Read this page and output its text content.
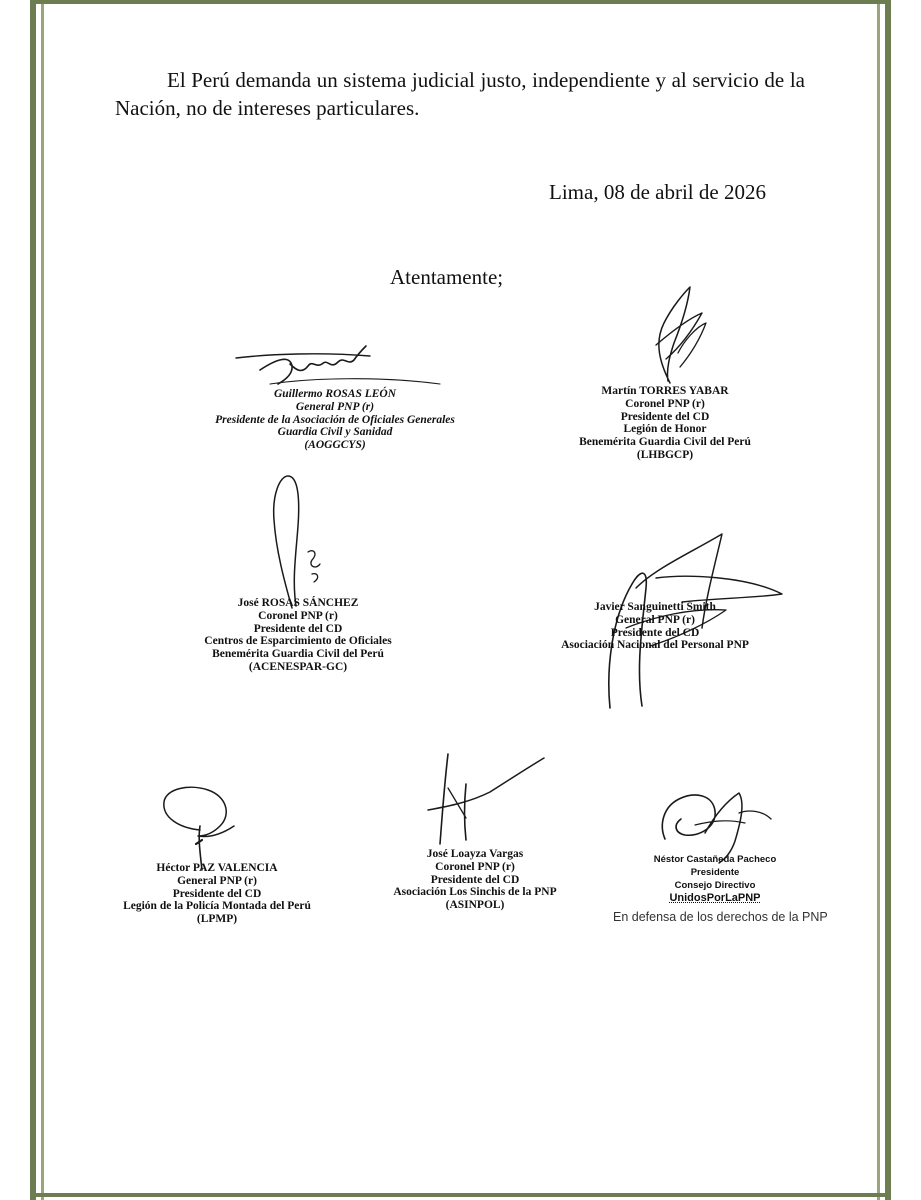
El Perú demanda un sistema judicial justo, independiente y al servicio de la Nación, no de intereses particulares.
Lima, 08 de abril de 2026
Atentamente;
Guillermo ROSAS LEÓN
General PNP (r)
Presidente de la Asociación de Oficiales Generales
Guardia Civil y Sanidad
(AOGGCYS)
Martín TORRES YABAR
Coronel PNP (r)
Presidente del CD
Legión de Honor
Benemérita Guardia Civil del Perú
(LHBGCP)
José ROSAS SÁNCHEZ
Coronel PNP (r)
Presidente del CD
Centros de Esparcimiento de Oficiales
Benemérita Guardia Civil del Perú
(ACENESPAR-GC)
Javier Sanguinetti Smith
General PNP (r)
Presidente del CD
Asociación Nacional del Personal PNP
Héctor PAZ VALENCIA
General PNP (r)
Presidente del CD
Legión de la Policía Montada del Perú
(LPMP)
José Loayza Vargas
Coronel PNP (r)
Presidente del CD
Asociación Los Sinchis de la PNP
(ASINPOL)
Néstor Castañeda Pacheco
Presidente
Consejo Directivo
UnidosPorLaPNP
En defensa de los derechos de la PNP
